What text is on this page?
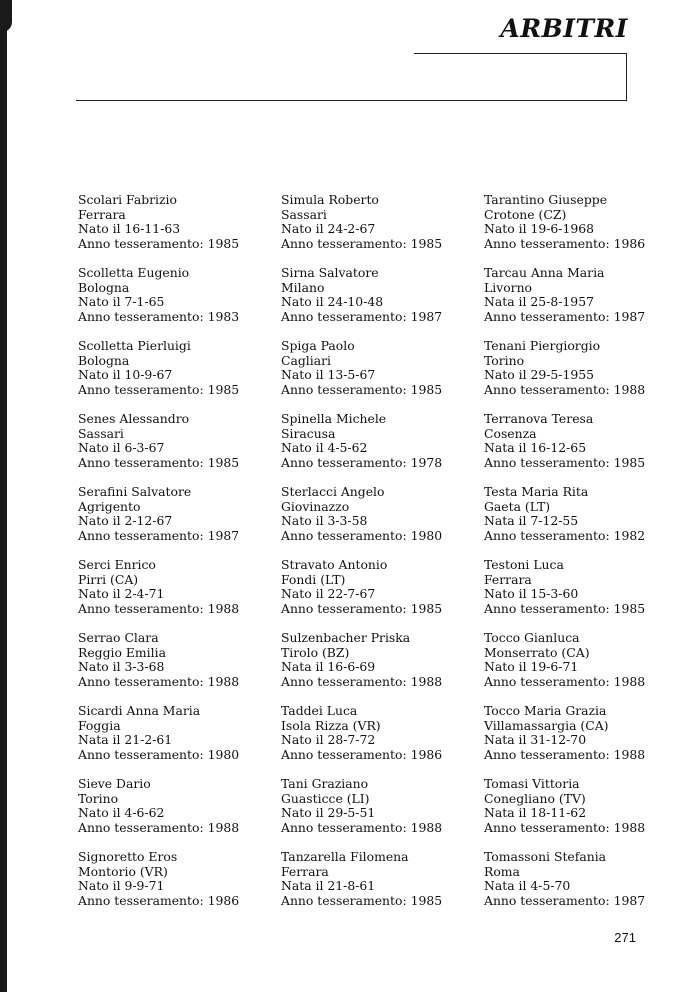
ARBITRI
Scolari Fabrizio
Ferrara
Nato il 16-11-63
Anno tesseramento: 1985
Scolletta Eugenio
Bologna
Nato il 7-1-65
Anno tesseramento: 1983
Scolletta Pierluigi
Bologna
Nato il 10-9-67
Anno tesseramento: 1985
Senes Alessandro
Sassari
Nato il 6-3-67
Anno tesseramento: 1985
Serafini Salvatore
Agrigento
Nato il 2-12-67
Anno tesseramento: 1987
Serci Enrico
Pirri (CA)
Nato il 2-4-71
Anno tesseramento: 1988
Serrao Clara
Reggio Emilia
Nato il 3-3-68
Anno tesseramento: 1988
Sicardi Anna Maria
Foggia
Nata il 21-2-61
Anno tesseramento: 1980
Sieve Dario
Torino
Nato il 4-6-62
Anno tesseramento: 1988
Signoretto Eros
Montorio (VR)
Nato il 9-9-71
Anno tesseramento: 1986
Simula Roberto
Sassari
Nato il 24-2-67
Anno tesseramento: 1985
Sirna Salvatore
Milano
Nato il 24-10-48
Anno tesseramento: 1987
Spiga Paolo
Cagliari
Nato il 13-5-67
Anno tesseramento: 1985
Spinella Michele
Siracusa
Nato il 4-5-62
Anno tesseramento: 1978
Sterlacci Angelo
Giovinazzo
Nato il 3-3-58
Anno tesseramento: 1980
Stravato Antonio
Fondi (LT)
Nato il 22-7-67
Anno tesseramento: 1985
Sulzenbacher Priska
Tirolo (BZ)
Nata il 16-6-69
Anno tesseramento: 1988
Taddei Luca
Isola Rizza (VR)
Nato il 28-7-72
Anno tesseramento: 1986
Tani Graziano
Guasticce (LI)
Nato il 29-5-51
Anno tesseramento: 1988
Tanzarella Filomena
Ferrara
Nata il 21-8-61
Anno tesseramento: 1985
Tarantino Giuseppe
Crotone (CZ)
Nato il 19-6-1968
Anno tesseramento: 1986
Tarcau Anna Maria
Livorno
Nata il 25-8-1957
Anno tesseramento: 1987
Tenani Piergiorgio
Torino
Nato il 29-5-1955
Anno tesseramento: 1988
Terranova Teresa
Cosenza
Nata il 16-12-65
Anno tesseramento: 1985
Testa Maria Rita
Gaeta (LT)
Nata il 7-12-55
Anno tesseramento: 1982
Testoni Luca
Ferrara
Nato il 15-3-60
Anno tesseramento: 1985
Tocco Gianluca
Monserrato (CA)
Nato il 19-6-71
Anno tesseramento: 1988
Tocco Maria Grazia
Villamassargia (CA)
Nata il 31-12-70
Anno tesseramento: 1988
Tomasi Vittoria
Conegliano (TV)
Nata il 18-11-62
Anno tesseramento: 1988
Tomassoni Stefania
Roma
Nata il 4-5-70
Anno tesseramento: 1987
271
